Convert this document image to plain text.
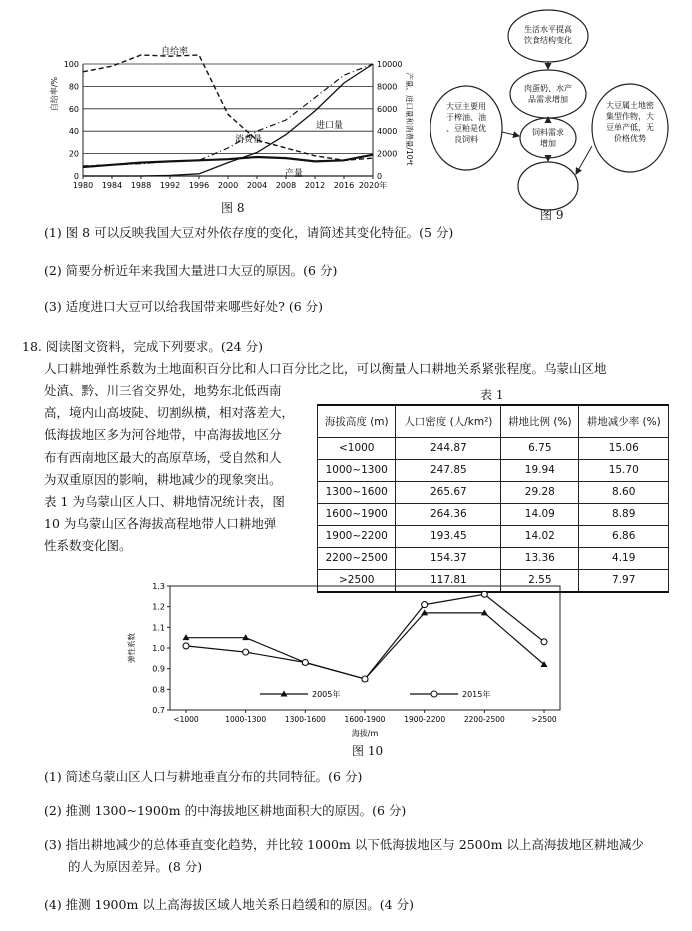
0
20
40
60
80
100
0
2000
4000
6000
8000
10000
1980 1984 1988 1992 1996 2000 2004 2008 2012 2016 2020年
自给率/%	产量、进口量和消费量/10⁴t
自给率
消费量
进口量
产量
图 8
生活水平提高饮食结构变化
肉蛋奶、水产品需求增加
饲料需求增加
大豆主要用于榨油、油、豆粕是优良饲料
大豆属土地密集型作物，大豆单产低，无价格优势
图 9
(1) 图 8 可以反映我国大豆对外依存度的变化，请简述其变化特征。(5 分)
(2) 简要分析近年来我国大量进口大豆的原因。(6 分)
(3) 适度进口大豆可以给我国带来哪些好处? (6 分)
18. 阅读图文资料，完成下列要求。(24 分)
人口耕地弹性系数为土地面积百分比和人口百分比之比，可以衡量人口耕地关系紧张程度。乌蒙山区地
处滇、黔、川三省交界处，地势东北低西南
高，境内山高坡陡、切割纵横，相对落差大，
低海拔地区多为河谷地带，中高海拔地区分
布有西南地区最大的高原草场，受自然和人
为双重原因的影响，耕地减少的现象突出。
表 1 为乌蒙山区人口、耕地情况统计表，图
10 为乌蒙山区各海拔高程地带人口耕地弹
性系数变化图。
表 1
海拔高度 (m)	人口密度 (人/km²)	耕地比例 (%)	耕地减少率 (%)
<1000	244.87	6.75	15.06
1000~1300	247.85	19.94	15.70
1300~1600	265.67	29.28	8.60
1600~1900	264.36	14.09	8.89
1900~2200	193.45	14.02	6.86
2200~2500	154.37	13.36	4.19
>2500	117.81	2.55	7.97
0.7
0.8
0.9
1.0
1.1
1.2
1.3
<1000	1000-1300	1300-1600	1600-1900	1900-2200	2200-2500	>2500
海拔/m
弹性系数
2005年	2015年
图 10
(1) 简述乌蒙山区人口与耕地垂直分布的共同特征。(6 分)
(2) 推测 1300~1900m 的中海拔地区耕地面积大的原因。(6 分)
(3) 指出耕地减少的总体垂直变化趋势，并比较 1000m 以下低海拔地区与 2500m 以上高海拔地区耕地减少
的人为原因差异。(8 分)
(4) 推测 1900m 以上高海拔区域人地关系日趋缓和的原因。(4 分)
